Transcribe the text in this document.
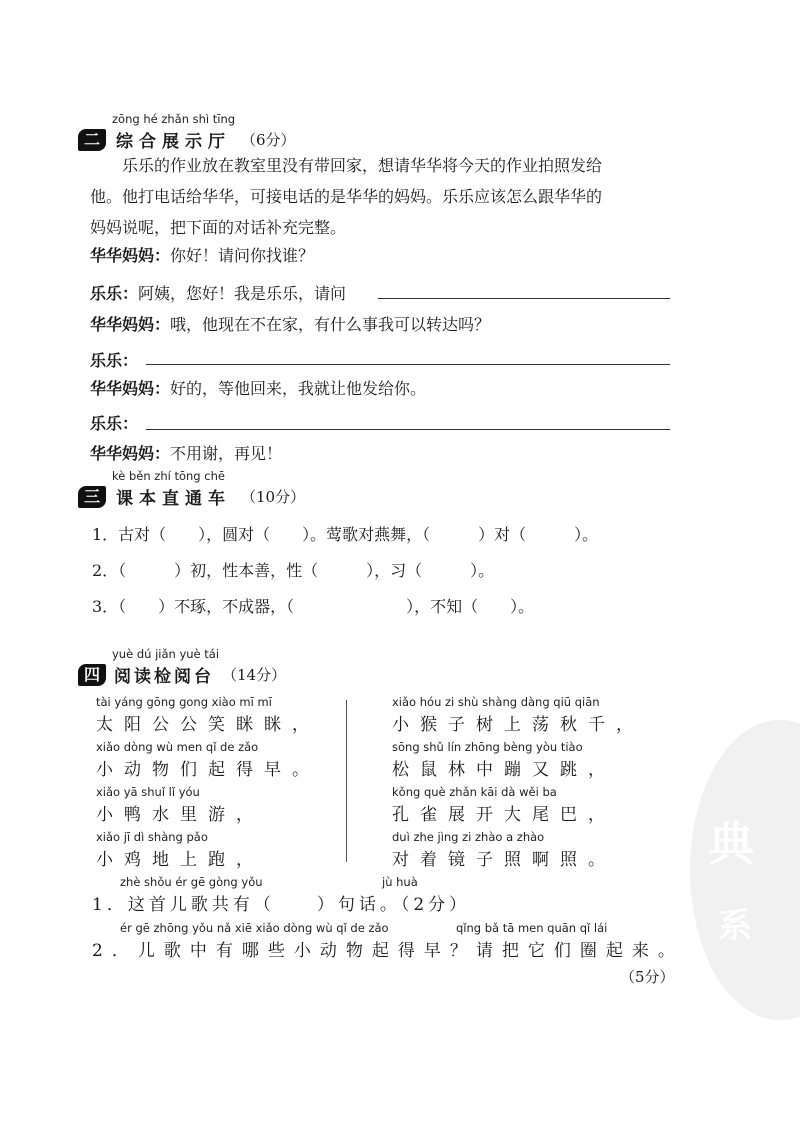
典
系
zōng hé zhǎn shì tīng
二 综合展示厅 （6分）
乐乐的作业放在教室里没有带回家，想请华华将今天的作业拍照发给
他。他打电话给华华，可接电话的是华华的妈妈。乐乐应该怎么跟华华的
妈妈说呢，把下面的对话补充完整。
华华妈妈：你好！请问你找谁？
乐乐：阿姨，您好！我是乐乐，请问
华华妈妈：哦，他现在不在家，有什么事我可以转达吗？
乐乐：
华华妈妈：好的，等他回来，我就让他发给你。
乐乐：
华华妈妈：不用谢，再见！
kè běn zhí tōng chē
三 课本直通车 （10分）
1．古对（　　），圆对（　　）。莺歌对燕舞，（　　　）对（　　　）。
2．（　　　）初，性本善，性（　　　），习（　　　）。
3．（　　）不琢，不成器，（　　　　　　　），不知（　　）。
yuè dú jiǎn yuè tái
四 阅读检阅台 （14分）
tài yáng gōng gong xiào mī mī
太阳公公笑眯眯，
xiǎo dòng wù men qǐ de zǎo
小动物们起得早。
xiǎo yā shuǐ lǐ yóu
小鸭水里游，
xiǎo jī dì shàng pǎo
小鸡地上跑，
xiǎo hóu zi shù shàng dàng qiū qiān
小猴子树上荡秋千，
sōng shǔ lín zhōng bèng yòu tiào
松鼠林中蹦又跳，
kǒng què zhǎn kāi dà wěi ba
孔雀展开大尾巴，
duì zhe jìng zi zhào a zhào
对着镜子照啊照。
zhè shǒu ér gē gòng yǒu	jù huà
1．这首儿歌共有（　　）句话。（2分）
ér gē zhōng yǒu nǎ xiē xiǎo dòng wù qǐ de zǎo	qǐng bǎ tā men quān qǐ lái
2．儿歌中有哪些小动物起得早？请把它们圈起来。
（5分）
